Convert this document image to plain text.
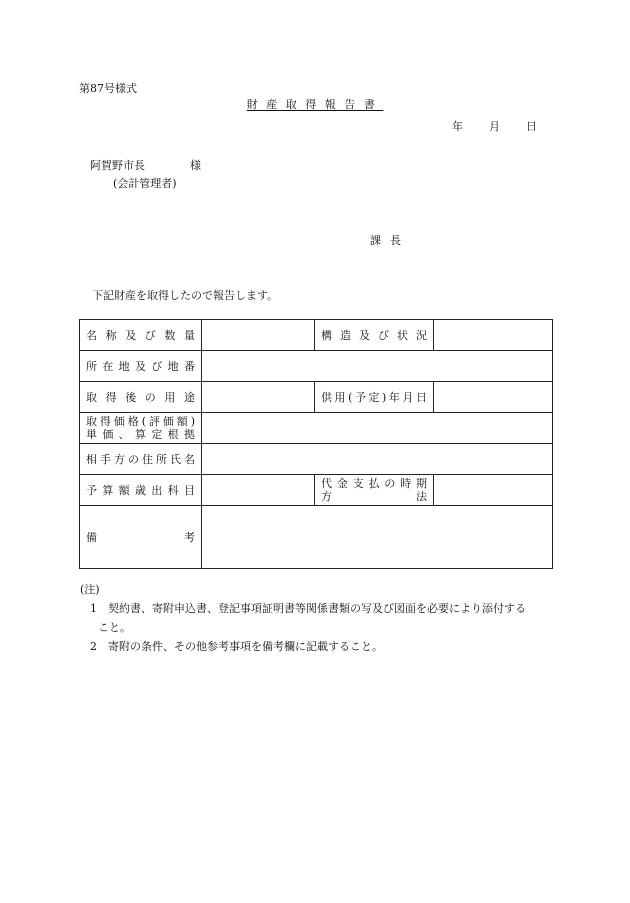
第87号様式
財産取得報告書
年 月 日
阿賀野市長	様
(会計管理者)
課長
下記財産を取得したので報告します。
名称及び数量		構造及び状況	

所在地及び地番			

取得後の用途		供用(予定)年月日	

取得価格(評価額)
単価、算定根拠			

相手方の住所氏名			

予算額歳出科目		代金支払の時期
方 法	

備 考			

(注)
1 契約書、寄附申込書、登記事項証明書等関係書類の写及び図面を必要により添付する
こと。
2 寄附の条件、その他参考事項を備考欄に記載すること。
